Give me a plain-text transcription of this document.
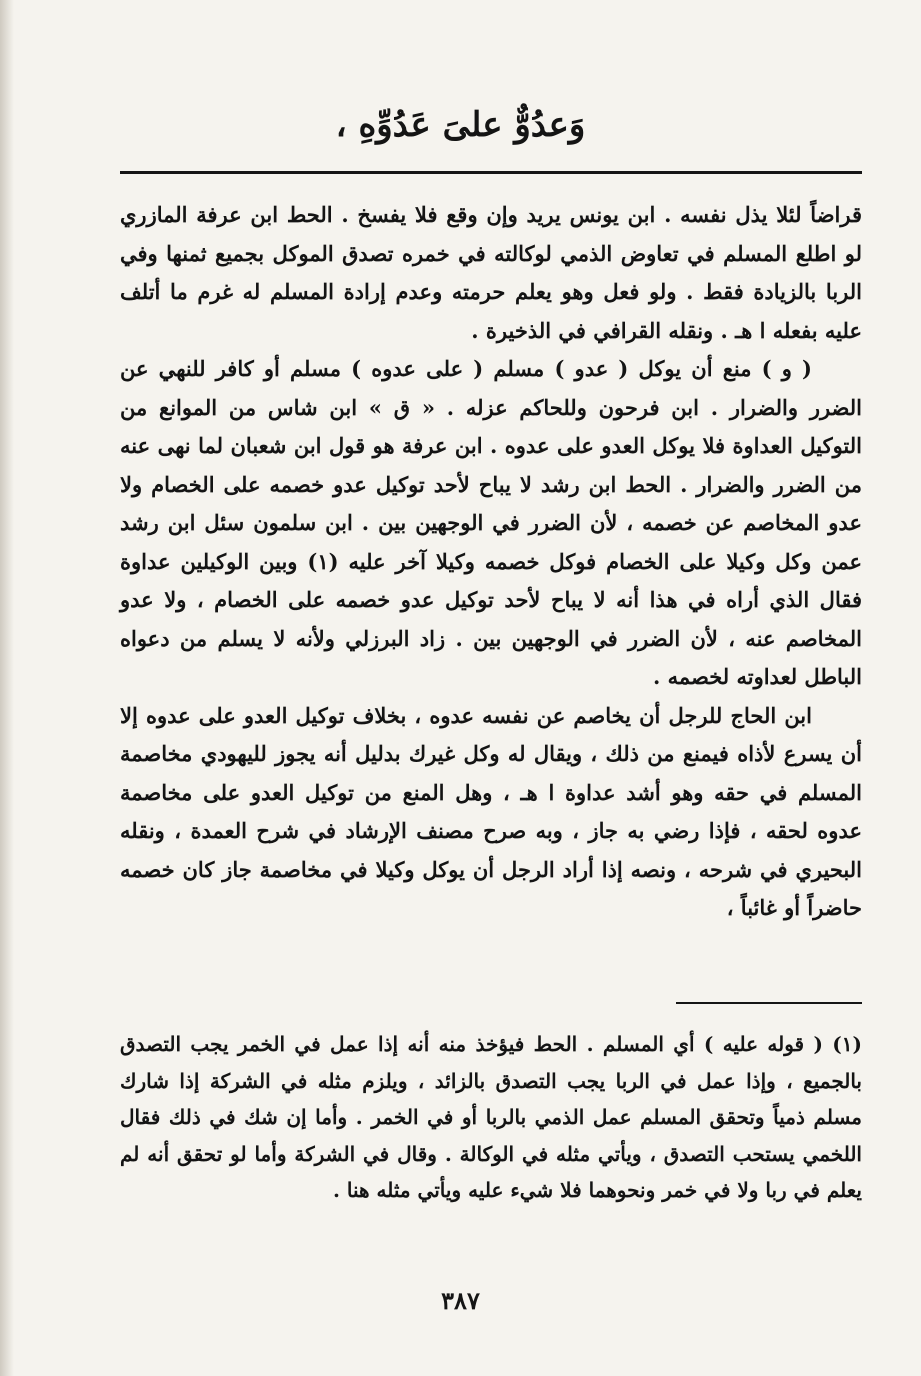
وَعدُوٌّ علىَ عَدُوِّهِ ،

قراضاً لئلا يذل نفسه . ابن يونس يريد وإن وقع فلا يفسخ . الحط ابن عرفة المازري لو اطلع المسلم في تعاوض الذمي لوكالته في خمره تصدق الموكل بجميع ثمنها وفي الربا بالزيادة فقط . ولو فعل وهو يعلم حرمته وعدم إرادة المسلم له غرم ما أتلف عليه بفعله ا هـ . ونقله القرافي في الذخيرة .

( و ) منع أن يوكل ( عدو ) مسلم ( على عدوه ) مسلم أو كافر للنهي عن الضرر والضرار . ابن فرحون وللحاكم عزله . « ق » ابن شاس من الموانع من التوكيل العداوة فلا يوكل العدو على عدوه . ابن عرفة هو قول ابن شعبان لما نهى عنه من الضرر والضرار . الحط ابن رشد لا يباح لأحد توكيل عدو خصمه على الخصام ولا عدو المخاصم عن خصمه ، لأن الضرر في الوجهين بين . ابن سلمون سئل ابن رشد عمن وكل وكيلا على الخصام فوكل خصمه وكيلا آخر عليه (١) وبين الوكيلين عداوة فقال الذي أراه في هذا أنه لا يباح لأحد توكيل عدو خصمه على الخصام ، ولا عدو المخاصم عنه ، لأن الضرر في الوجهين بين . زاد البرزلي ولأنه لا يسلم من دعواه الباطل لعداوته لخصمه .

ابن الحاج للرجل أن يخاصم عن نفسه عدوه ، بخلاف توكيل العدو على عدوه إلا أن يسرع لأذاه فيمنع من ذلك ، ويقال له وكل غيرك بدليل أنه يجوز لليهودي مخاصمة المسلم في حقه وهو أشد عداوة ا هـ ، وهل المنع من توكيل العدو على مخاصمة عدوه لحقه ، فإذا رضي به جاز ، وبه صرح مصنف الإرشاد في شرح العمدة ، ونقله البحيري في شرحه ، ونصه إذا أراد الرجل أن يوكل وكيلا في مخاصمة جاز كان خصمه حاضراً أو غائباً ،

(١) ( قوله عليه ) أي المسلم . الحط فيؤخذ منه أنه إذا عمل في الخمر يجب التصدق بالجميع ، وإذا عمل في الربا يجب التصدق بالزائد ، ويلزم مثله في الشركة إذا شارك مسلم ذمياً وتحقق المسلم عمل الذمي بالربا أو في الخمر . وأما إن شك في ذلك فقال اللخمي يستحب التصدق ، ويأتي مثله في الوكالة . وقال في الشركة وأما لو تحقق أنه لم يعلم في ربا ولا في خمر ونحوهما فلا شيء عليه ويأتي مثله هنا .

٣٨٧
